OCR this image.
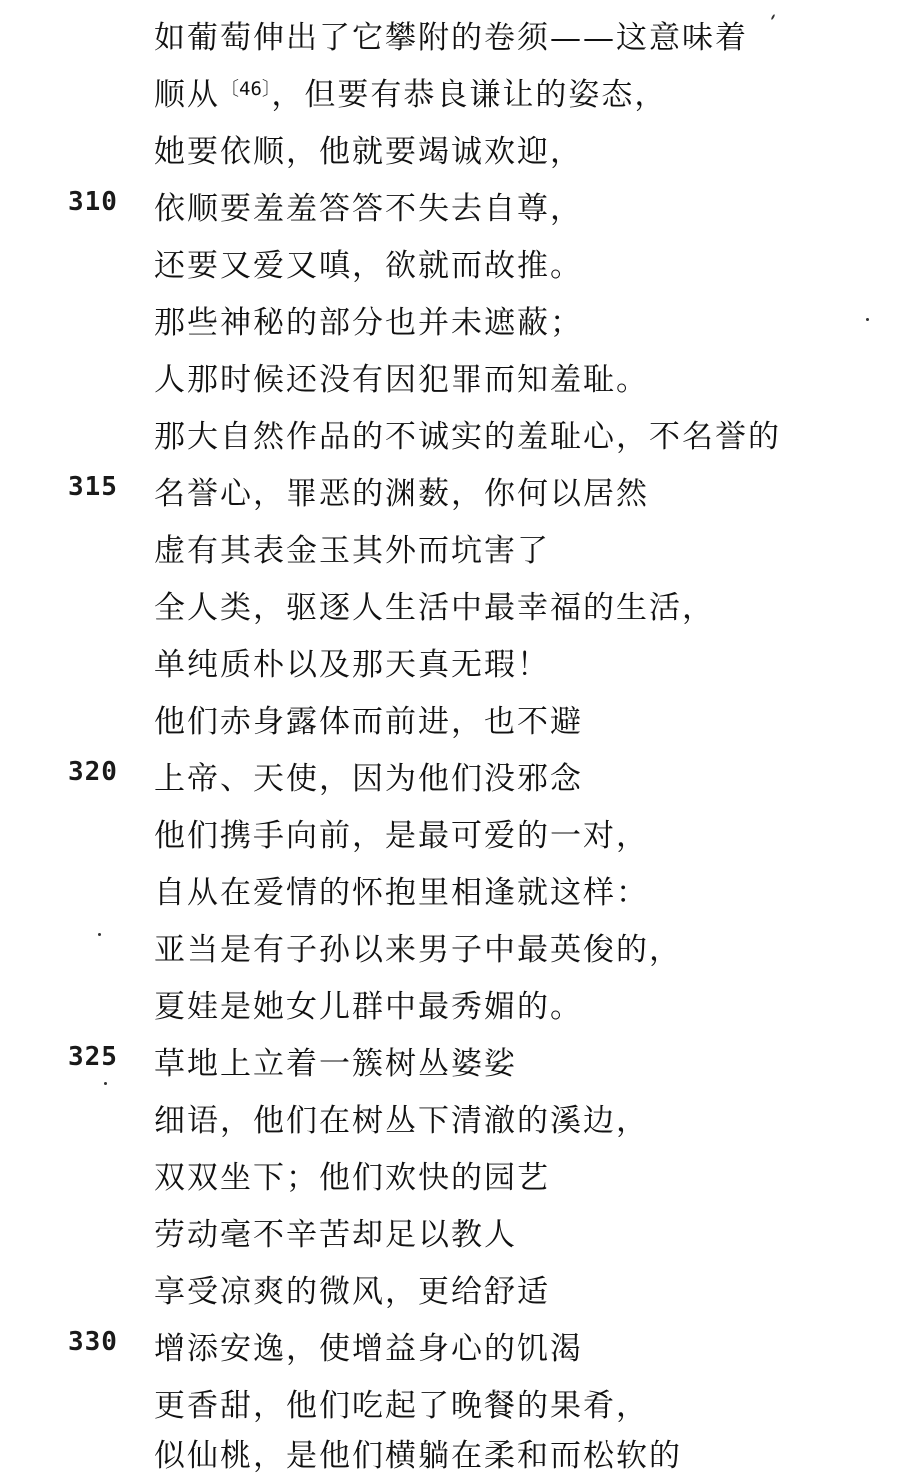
如葡萄伸出了它攀附的卷须——这意味着
顺从$^{〔46〕}$，但要有恭良谦让的姿态，
她要依顺，他就要竭诚欢迎，
310 依顺要羞羞答答不失去自尊，
还要又爱又嗔，欲就而故推。
那些神秘的部分也并未遮蔽；
人那时候还没有因犯罪而知羞耻。
那大自然作品的不诚实的羞耻心，不名誉的
315 名誉心，罪恶的渊薮，你何以居然
虚有其表金玉其外而坑害了
全人类，驱逐人生活中最幸福的生活，
单纯质朴以及那天真无瑕！
他们赤身露体而前进，也不避
320 上帝、天使，因为他们没邪念
他们携手向前，是最可爱的一对，
自从在爱情的怀抱里相逢就这样：
亚当是有子孙以来男子中最英俊的，
夏娃是她女儿群中最秀媚的。
325 草地上立着一簇树丛婆娑
细语，他们在树丛下清澈的溪边，
双双坐下；他们欢快的园艺
劳动毫不辛苦却足以教人
享受凉爽的微风，更给舒适
330 增添安逸，使增益身心的饥渴
更香甜，他们吃起了晚餐的果肴，
似仙桃，是他们横躺在柔和而松软的
